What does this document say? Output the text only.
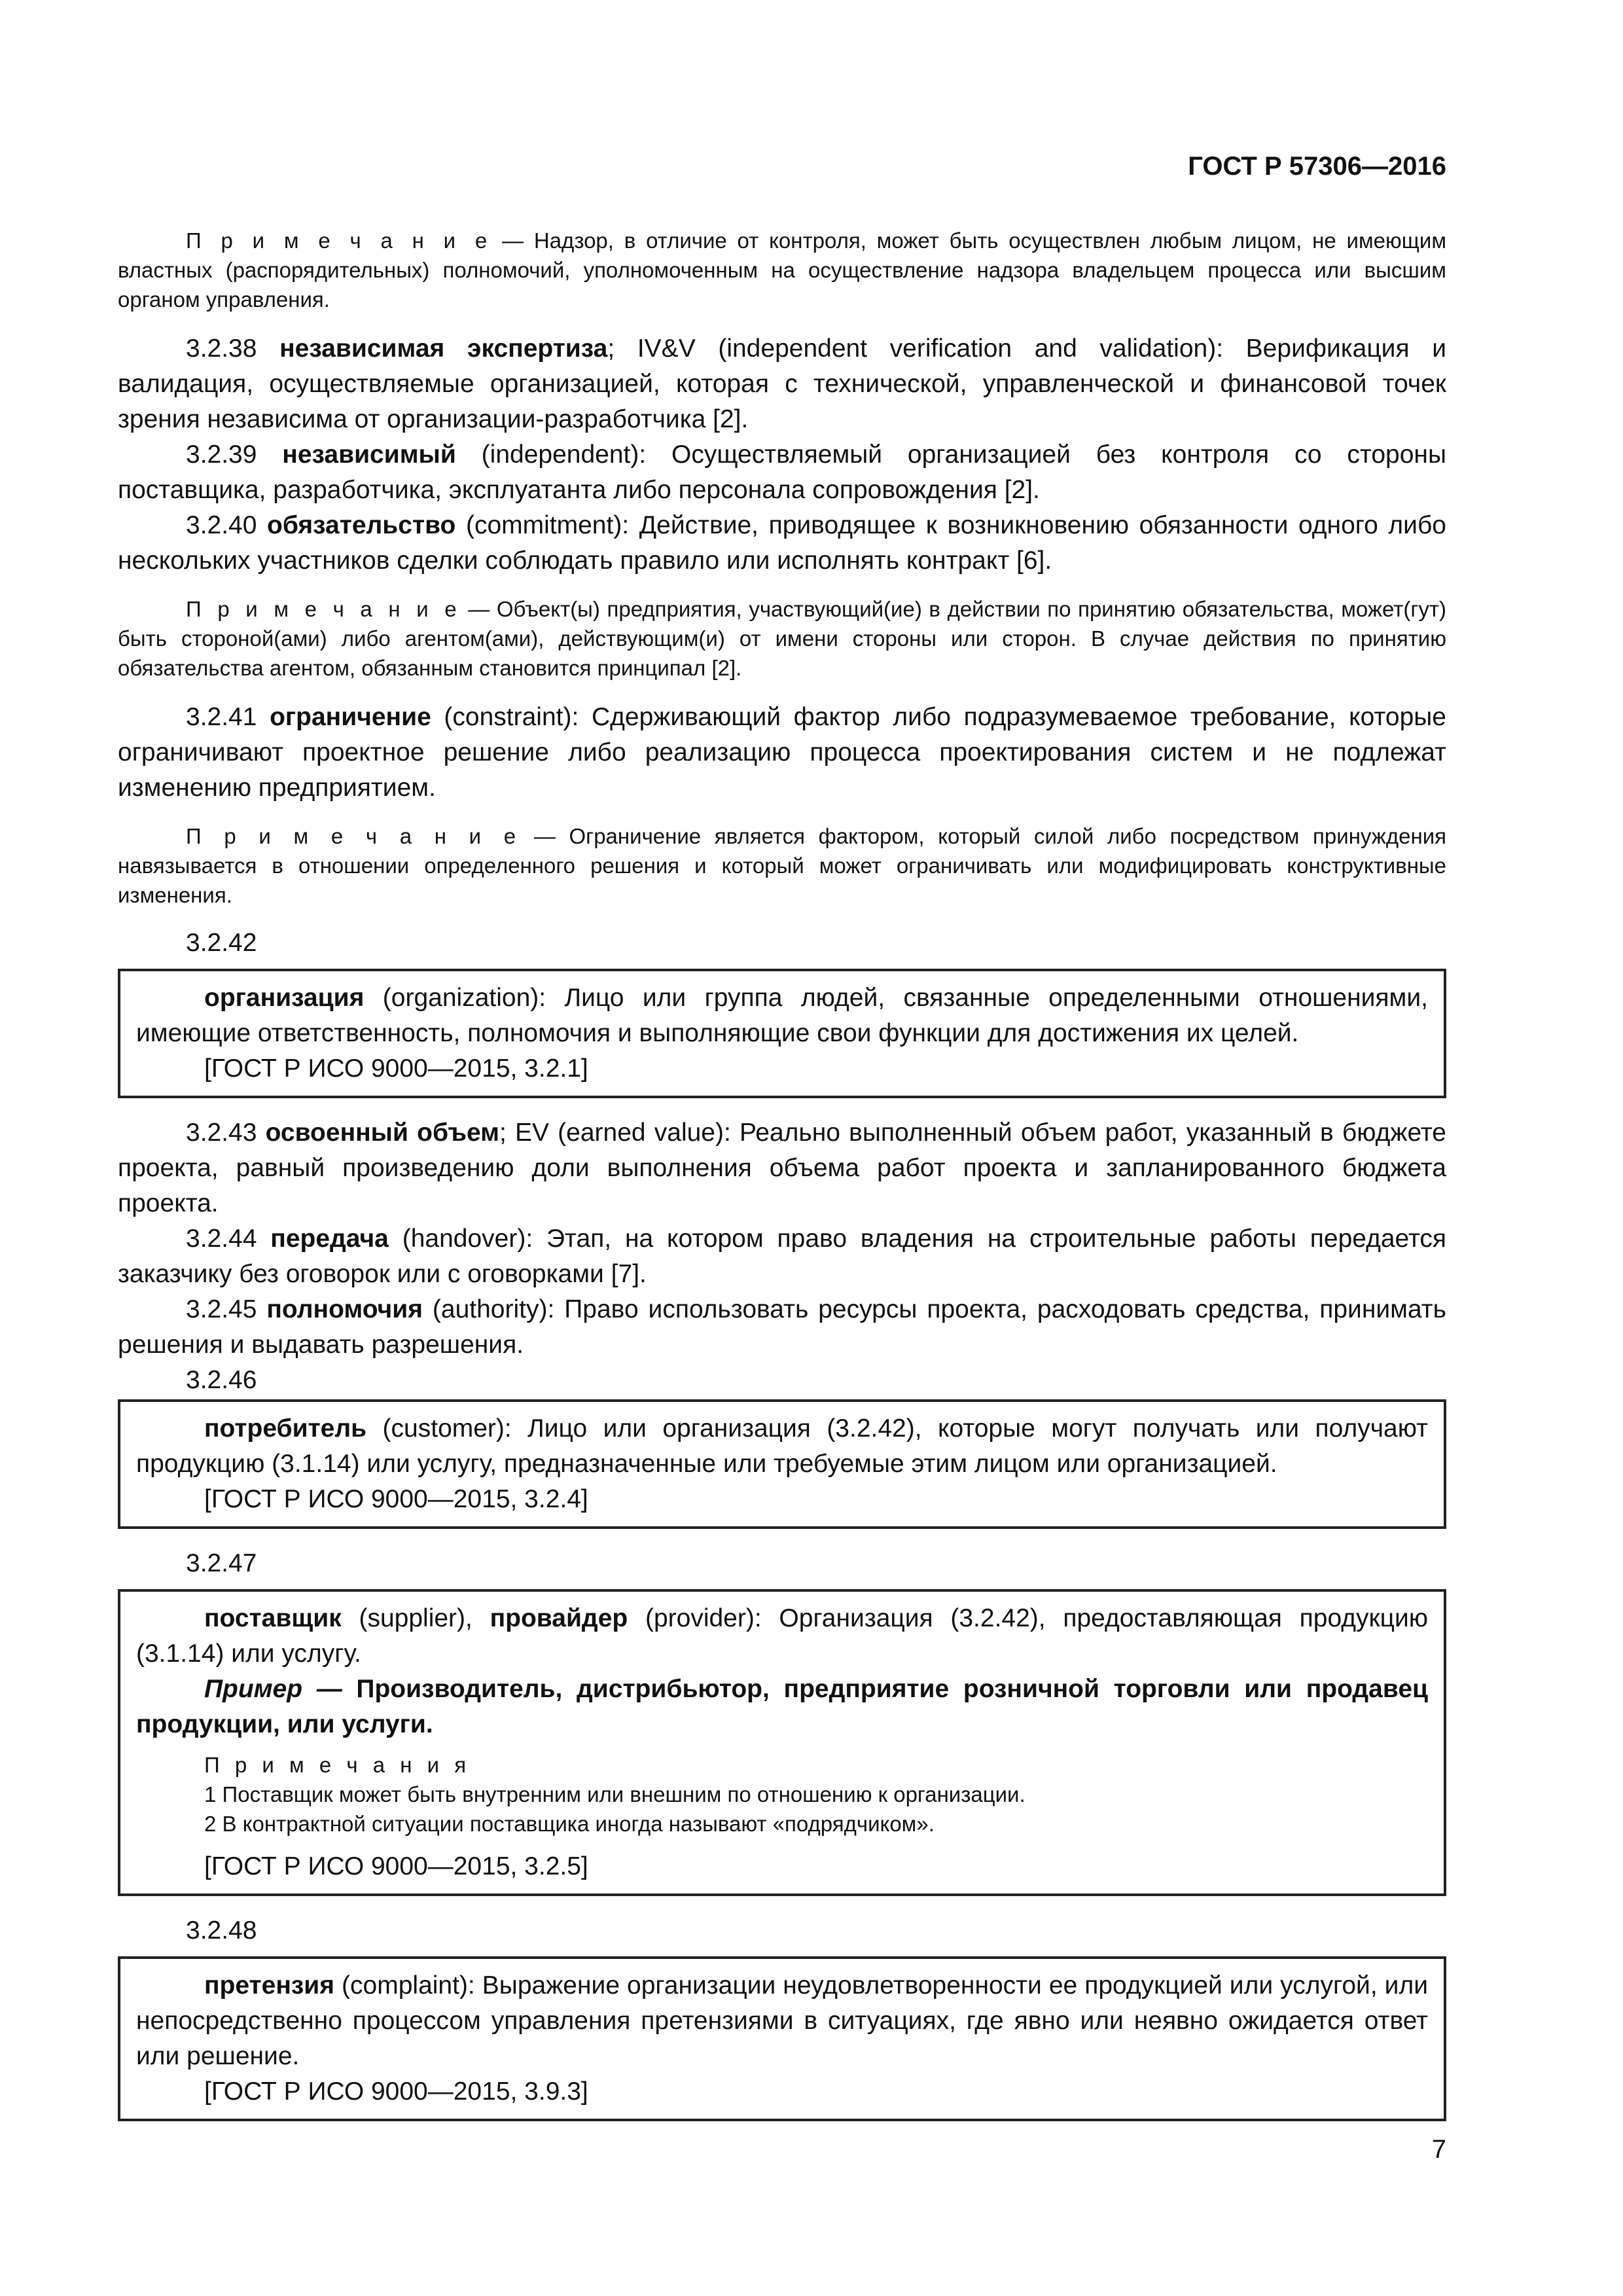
ГОСТ Р 57306—2016

П р и м е ч а н и е — Надзор, в отличие от контроля, может быть осуществлен любым лицом, не имеющим властных (распорядительных) полномочий, уполномоченным на осуществление надзора владельцем процесса или высшим органом управления.

3.2.38 независимая экспертиза; IV&V (independent verification and validation): Верификация и валидация, осуществляемые организацией, которая с технической, управленческой и финансовой точек зрения независима от организации-разработчика [2].

3.2.39 независимый (independent): Осуществляемый организацией без контроля со стороны поставщика, разработчика, эксплуатанта либо персонала сопровождения [2].

3.2.40 обязательство (commitment): Действие, приводящее к возникновению обязанности одного либо нескольких участников сделки соблюдать правило или исполнять контракт [6].

П р и м е ч а н и е — Объект(ы) предприятия, участвующий(ие) в действии по принятию обязательства, может(гут) быть стороной(ами) либо агентом(ами), действующим(и) от имени стороны или сторон. В случае действия по принятию обязательства агентом, обязанным становится принципал [2].

3.2.41 ограничение (constraint): Сдерживающий фактор либо подразумеваемое требование, которые ограничивают проектное решение либо реализацию процесса проектирования систем и не подлежат изменению предприятием.

П р и м е ч а н и е — Ограничение является фактором, который силой либо посредством принуждения навязывается в отношении определенного решения и который может ограничивать или модифицировать конструктивные изменения.

3.2.42

организация (organization): Лицо или группа людей, связанные определенными отношениями, имеющие ответственность, полномочия и выполняющие свои функции для достижения их целей.

[ГОСТ Р ИСО 9000—2015, 3.2.1]

3.2.43 освоенный объем; EV (earned value): Реально выполненный объем работ, указанный в бюджете проекта, равный произведению доли выполнения объема работ проекта и запланированного бюджета проекта.

3.2.44 передача (handover): Этап, на котором право владения на строительные работы передается заказчику без оговорок или с оговорками [7].

3.2.45 полномочия (authority): Право использовать ресурсы проекта, расходовать средства, принимать решения и выдавать разрешения.

3.2.46

потребитель (customer): Лицо или организация (3.2.42), которые могут получать или получают продукцию (3.1.14) или услугу, предназначенные или требуемые этим лицом или организацией.

[ГОСТ Р ИСО 9000—2015, 3.2.4]

3.2.47

поставщик (supplier), провайдер (provider): Организация (3.2.42), предоставляющая продукцию (3.1.14) или услугу.

Пример — Производитель, дистрибьютор, предприятие розничной торговли или продавец продукции, или услуги.

П р и м е ч а н и я

1 Поставщик может быть внутренним или внешним по отношению к организации.

2 В контрактной ситуации поставщика иногда называют «подрядчиком».

[ГОСТ Р ИСО 9000—2015, 3.2.5]

3.2.48

претензия (complaint): Выражение организации неудовлетворенности ее продукцией или услугой, или непосредственно процессом управления претензиями в ситуациях, где явно или неявно ожидается ответ или решение.

[ГОСТ Р ИСО 9000—2015, 3.9.3]

7
